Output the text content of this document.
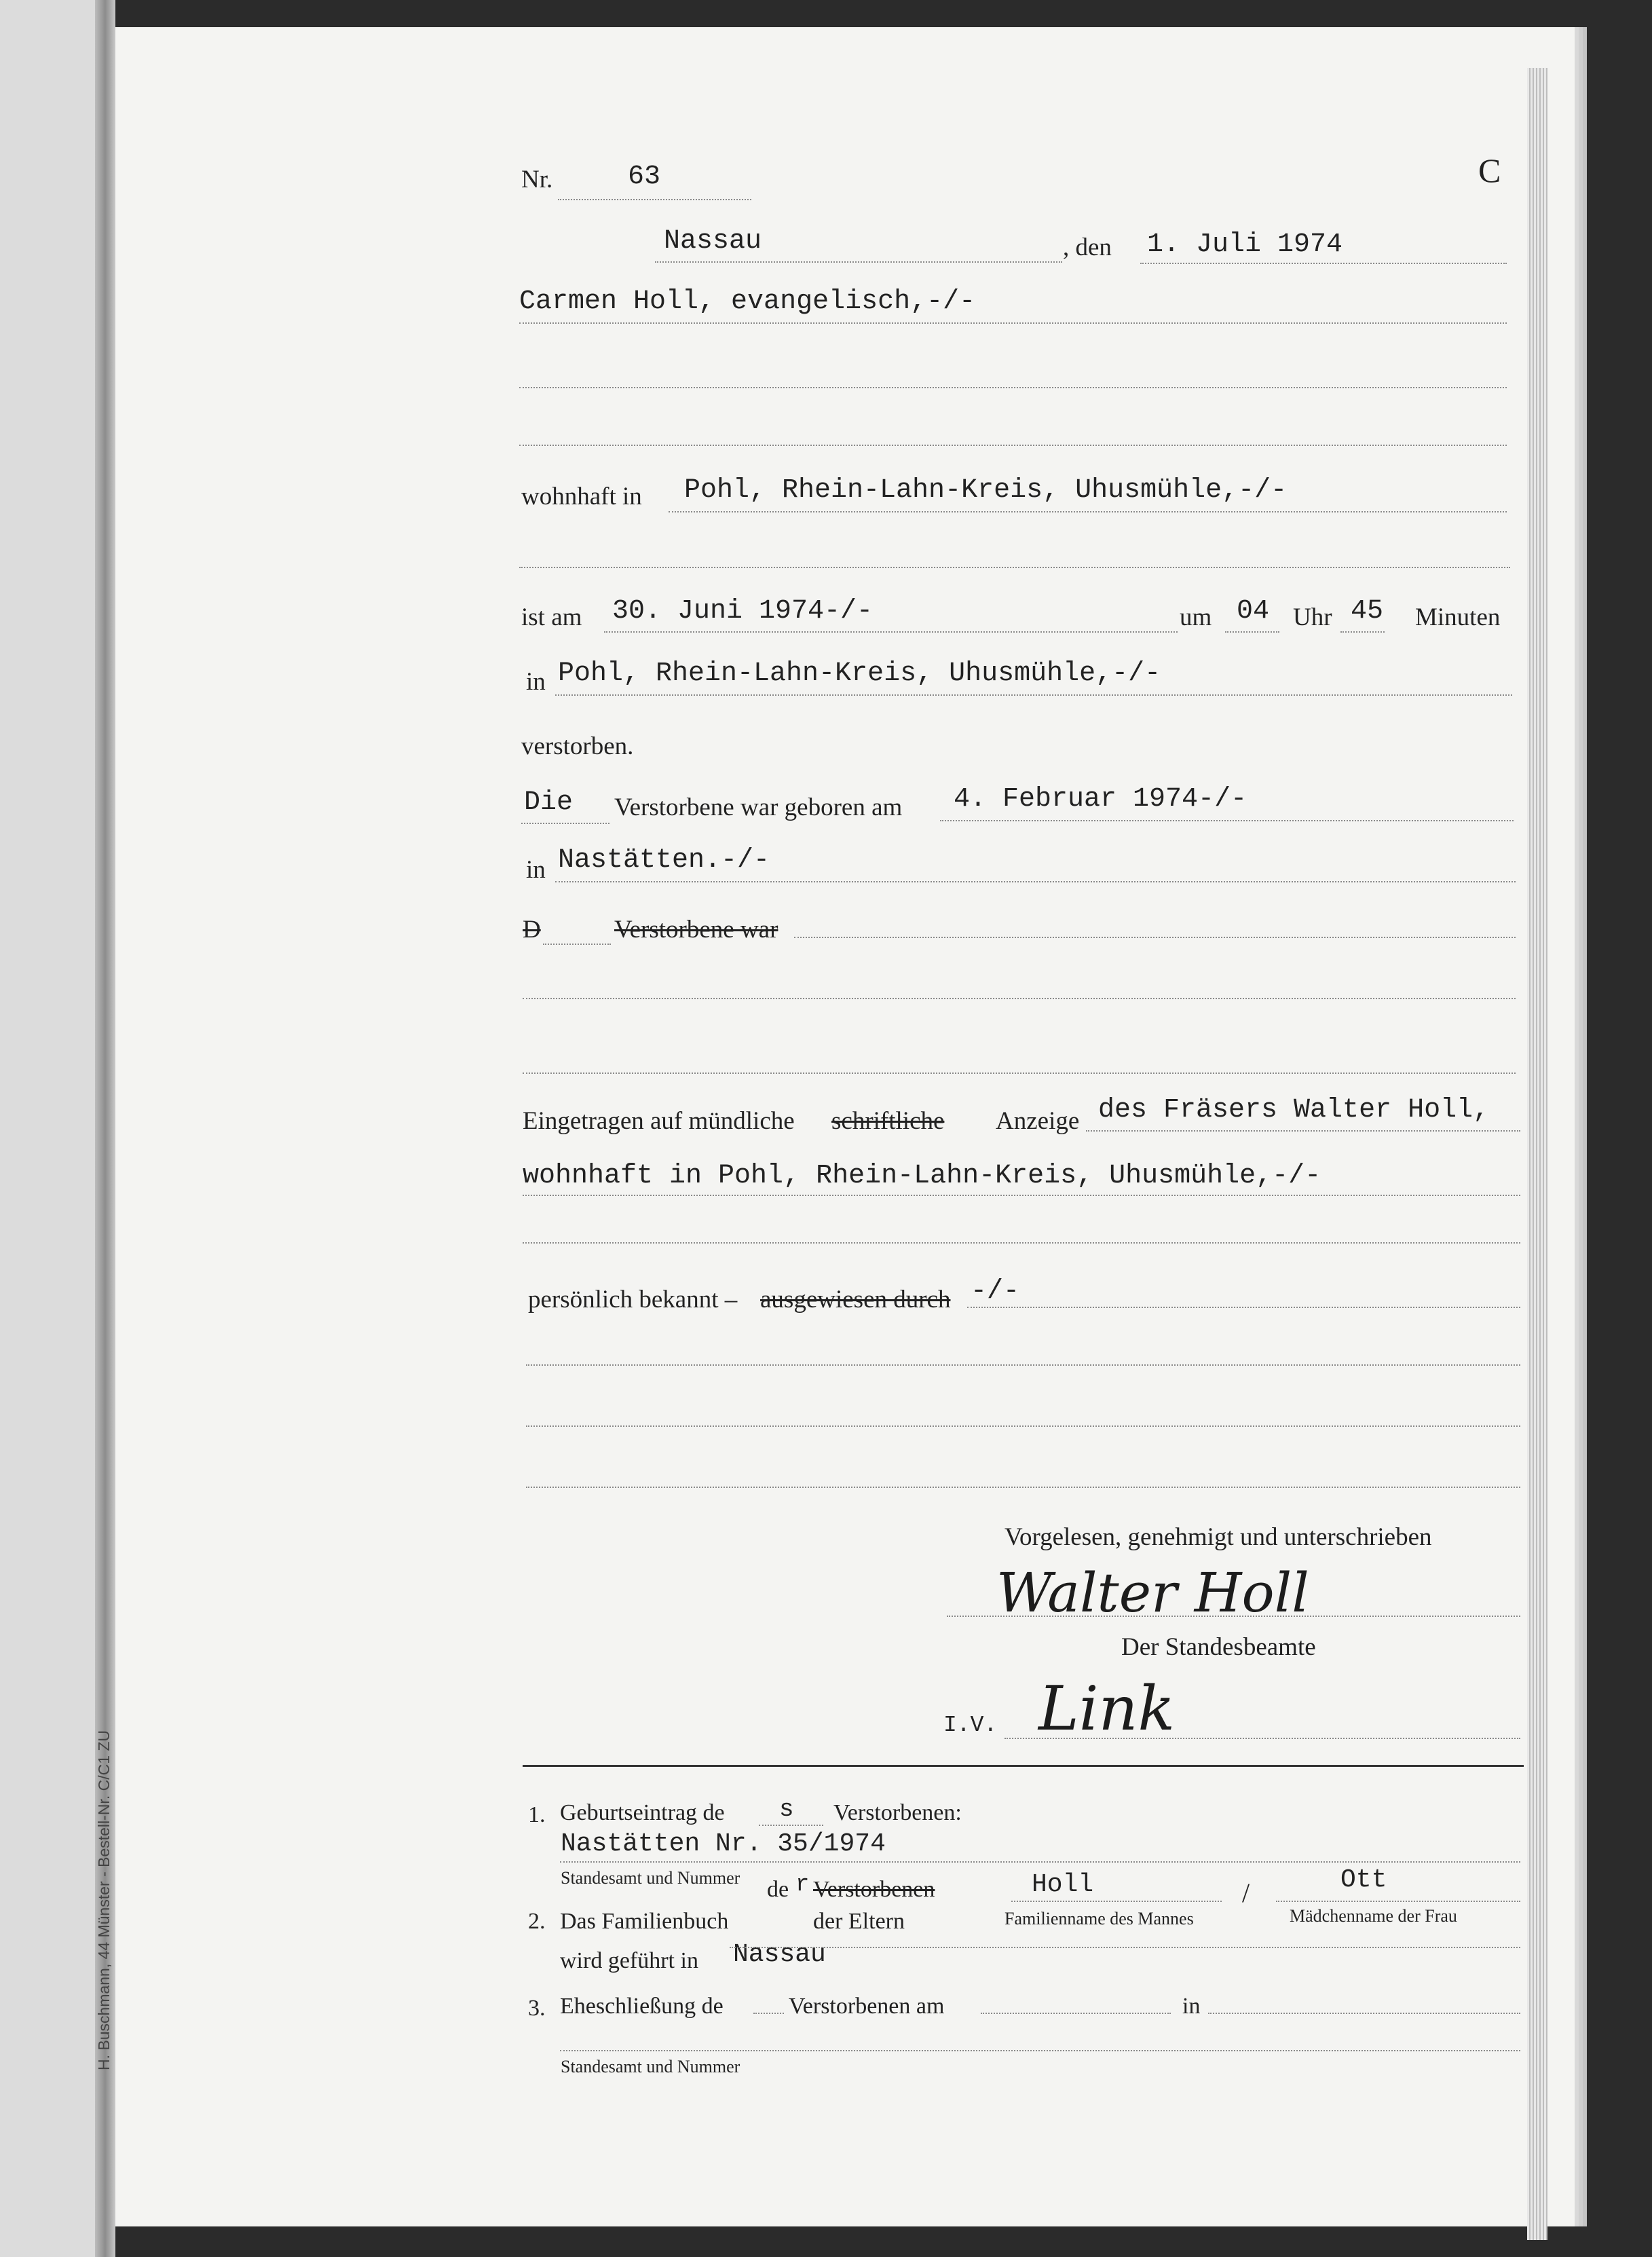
H. Buschmann, 44 Münster - Bestell-Nr. C/C1 ZU
Nr.	63	C
Nassau	, den 1. Juli 1974
Carmen Holl, evangelisch,-/-
wohnhaft in Pohl, Rhein-Lahn-Kreis, Uhusmühle,-/-
ist am 30. Juni 1974-/-	um 04 Uhr 45 Minuten
in Pohl, Rhein-Lahn-Kreis, Uhusmühle,-/-
verstorben.
Die Verstorbene war geboren am 4. Februar 1974-/-
in Nastätten.-/-
D	Verstorbene war
Eingetragen auf mündliche schriftliche Anzeige des Fräsers Walter Holl,
wohnhaft in Pohl, Rhein-Lahn-Kreis, Uhusmühle,-/-
persönlich bekannt – ausgewiesen durch -/-
Vorgelesen, genehmigt und unterschrieben
Walter Holl
Der Standesbeamte
I.V. Link
1. Geburtseintrag de s Verstorbenen:
Nastätten Nr. 35/1974
Standesamt und Nummer de r Verstorbenen	Holl	/	Ott
2. Das Familienbuch	der Eltern	Familienname des Mannes	Mädchenname der Frau
wird geführt in Nassau
3. Eheschließung de	Verstorbenen am	in
Standesamt und Nummer
